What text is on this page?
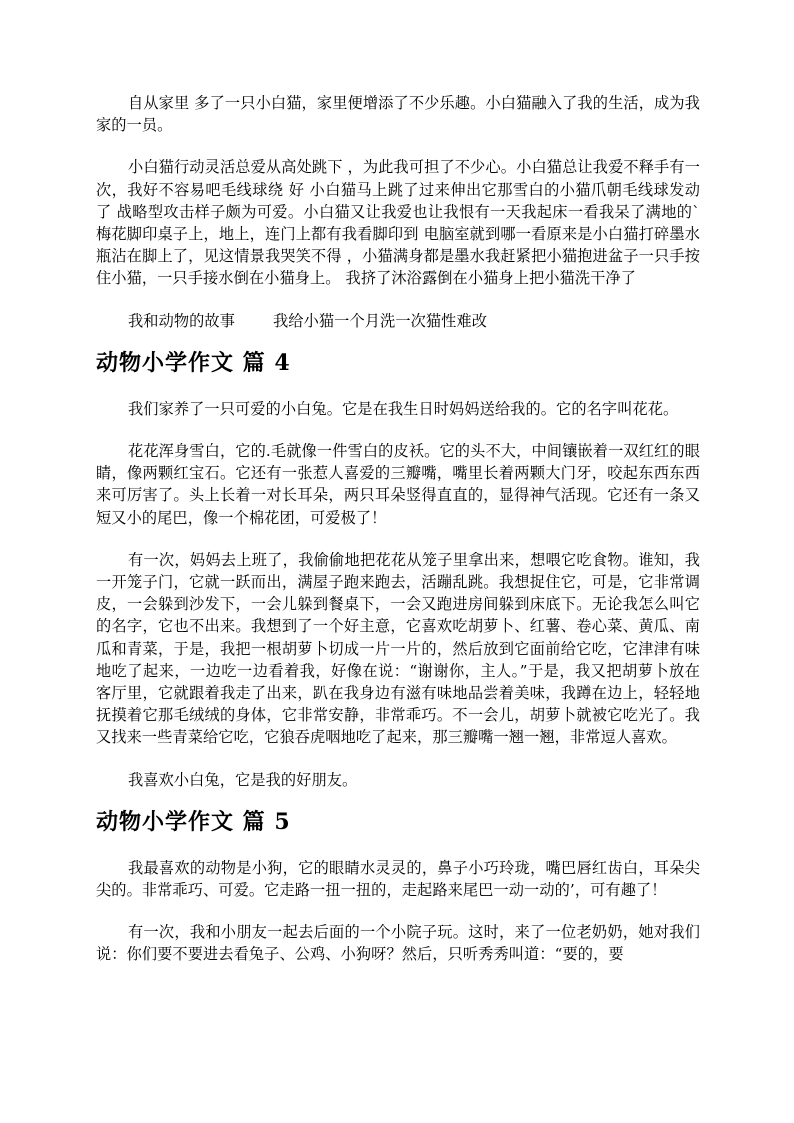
自从家里 多了一只小白猫，家里便增添了不少乐趣。小白猫融入了我的生活，成为我家的一员。

小白猫行动灵活总爱从高处跳下 ，为此我可担了不少心。小白猫总让我爱不释手有一次，我好不容易吧毛线球绕 好 小白猫马上跳了过来伸出它那雪白的小猫爪朝毛线球发动了 战略型攻击样子颇为可爱。小白猫又让我爱也让我恨有一天我起床一看我呆了满地的`梅花脚印桌子上，地上，连门上都有我看脚印到 电脑室就到哪一看原来是小白猫打碎墨水瓶沾在脚上了，见这情景我哭笑不得 ，小猫满身都是墨水我赶紧把小猫抱进盆子一只手按住小猫，一只手接水倒在小猫身上。 我挤了沐浴露倒在小猫身上把小猫洗干净了

我和动物的故事	我给小猫一个月洗一次猫性难改

动物小学作文 篇 4

我们家养了一只可爱的小白兔。它是在我生日时妈妈送给我的。它的名字叫花花。

花花浑身雪白，它的.毛就像一件雪白的皮袄。它的头不大，中间镶嵌着一双红红的眼睛，像两颗红宝石。它还有一张惹人喜爱的三瓣嘴，嘴里长着两颗大门牙，咬起东西东西来可厉害了。头上长着一对长耳朵，两只耳朵竖得直直的，显得神气活现。它还有一条又短又小的尾巴，像一个棉花团，可爱极了！

有一次，妈妈去上班了，我偷偷地把花花从笼子里拿出来，想喂它吃食物。谁知，我一开笼子门，它就一跃而出，满屋子跑来跑去，活蹦乱跳。我想捉住它，可是，它非常调皮，一会躲到沙发下，一会儿躲到餐桌下，一会又跑进房间躲到床底下。无论我怎么叫它的名字，它也不出来。我想到了一个好主意，它喜欢吃胡萝卜、红薯、卷心菜、黄瓜、南瓜和青菜，于是，我把一根胡萝卜切成一片一片的，然后放到它面前给它吃，它津津有味地吃了起来，一边吃一边看着我，好像在说：“谢谢你，主人。”于是，我又把胡萝卜放在客厅里，它就跟着我走了出来，趴在我身边有滋有味地品尝着美味，我蹲在边上，轻轻地抚摸着它那毛绒绒的身体，它非常安静，非常乖巧。不一会儿，胡萝卜就被它吃光了。我又找来一些青菜给它吃，它狼吞虎咽地吃了起来，那三瓣嘴一翘一翘，非常逗人喜欢。

我喜欢小白兔，它是我的好朋友。

动物小学作文 篇 5

我最喜欢的动物是小狗，它的眼睛水灵灵的，鼻子小巧玲珑，嘴巴唇红齿白，耳朵尖尖的。非常乖巧、可爱。它走路一扭一扭的，走起路来尾巴一动一动的’，可有趣了！

有一次，我和小朋友一起去后面的一个小院子玩。这时，来了一位老奶奶，她对我们说：你们要不要进去看兔子、公鸡、小狗呀？然后，只听秀秀叫道：“要的，要
